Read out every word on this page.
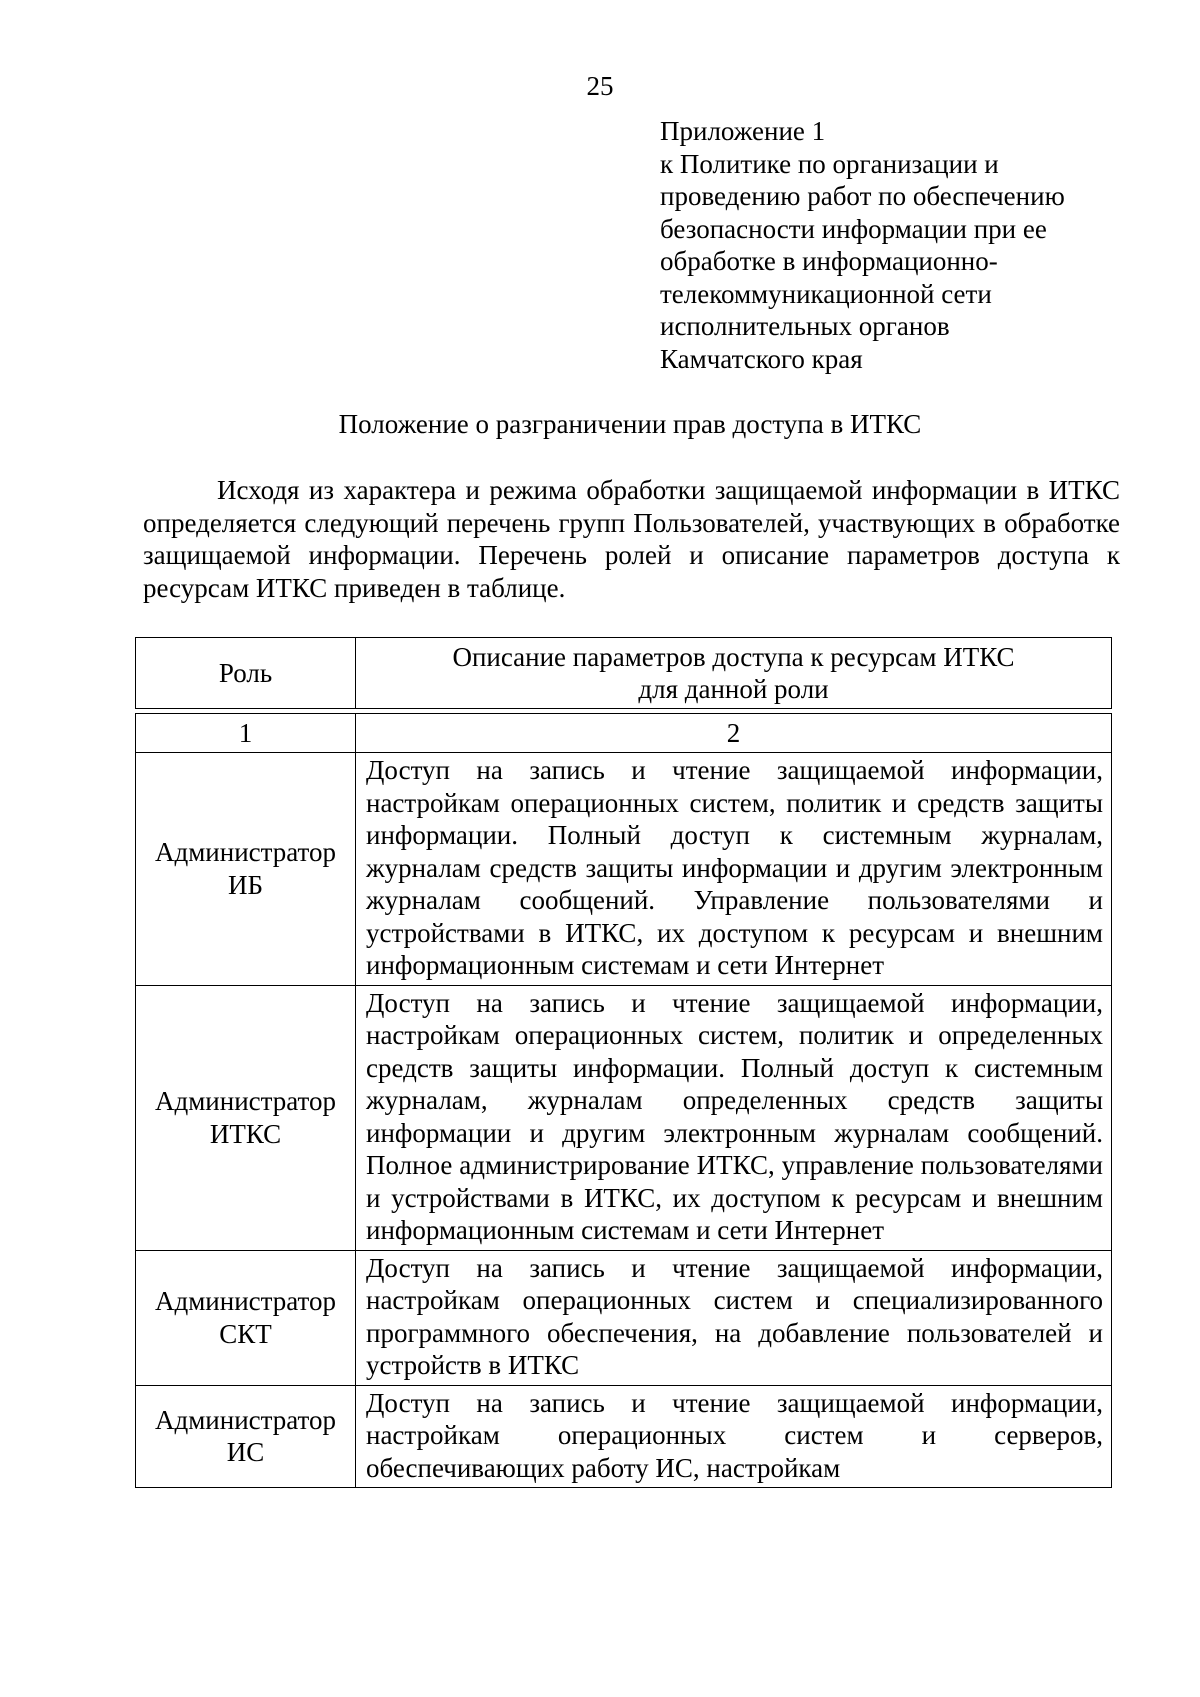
25
Приложение 1
к Политике по организации и
проведению работ по обеспечению
безопасности информации при ее
обработке в информационно-
телекоммуникационной сети
исполнительных органов
Камчатского края
Положение о разграничении прав доступа в ИТКС

Исходя из характера и режима обработки защищаемой информации в ИТКС определяется следующий перечень групп Пользователей, участвующих в обработке защищаемой информации. Перечень ролей и описание параметров доступа к ресурсам ИТКС приведен в таблице.

Роль	Описание параметров доступа к ресурсам ИТКС
для данной роли

1	2

Администратор
ИБ	Доступ на запись и чтение защищаемой информации, настройкам операционных систем, политик и средств защиты информации. Полный доступ к системным журналам, журналам средств защиты информации и другим электронным журналам сообщений. Управление пользователями и устройствами в ИТКС, их доступом к ресурсам и внешним информационным системам и сети Интернет

Администратор
ИТКС	Доступ на запись и чтение защищаемой информации, настройкам операционных систем, политик и определенных средств защиты информации. Полный доступ к системным журналам, журналам определенных средств защиты информации и другим электронным журналам сообщений. Полное администрирование ИТКС, управление пользователями и устройствами в ИТКС, их доступом к ресурсам и внешним информационным системам и сети Интернет

Администратор
СКТ	Доступ на запись и чтение защищаемой информации, настройкам операционных систем и специализированного программного обеспечения, на добавление пользователей и устройств в ИТКС

Администратор
ИС	Доступ на запись и чтение защищаемой информации, настройкам операционных систем и серверов, обеспечивающих работу ИС, настройкам
